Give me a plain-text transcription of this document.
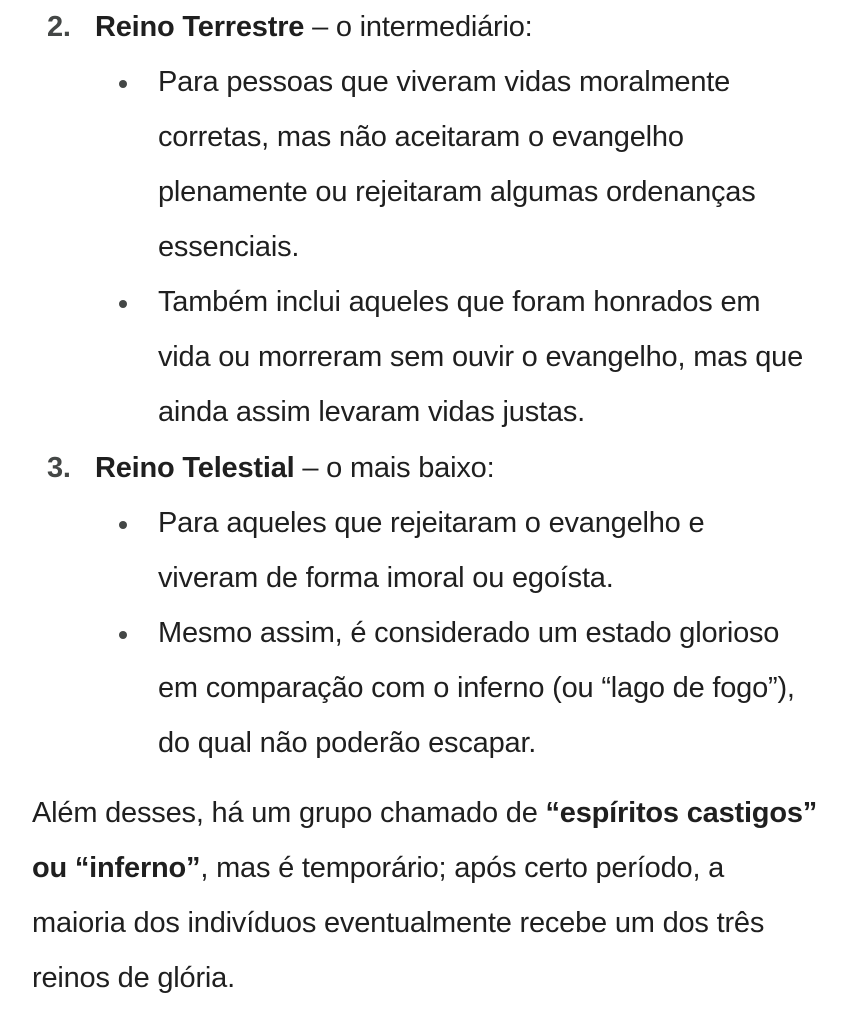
2. Reino Terrestre – o intermediário:
Para pessoas que viveram vidas moralmente corretas, mas não aceitaram o evangelho plenamente ou rejeitaram algumas ordenanças essenciais.
Também inclui aqueles que foram honrados em vida ou morreram sem ouvir o evangelho, mas que ainda assim levaram vidas justas.
3. Reino Telestial – o mais baixo:
Para aqueles que rejeitaram o evangelho e viveram de forma imoral ou egoísta.
Mesmo assim, é considerado um estado glorioso em comparação com o inferno (ou “lago de fogo”), do qual não poderão escapar.

Além desses, há um grupo chamado de “espíritos castigos” ou “inferno”, mas é temporário; após certo período, a maioria dos indivíduos eventualmente recebe um dos três reinos de glória.
